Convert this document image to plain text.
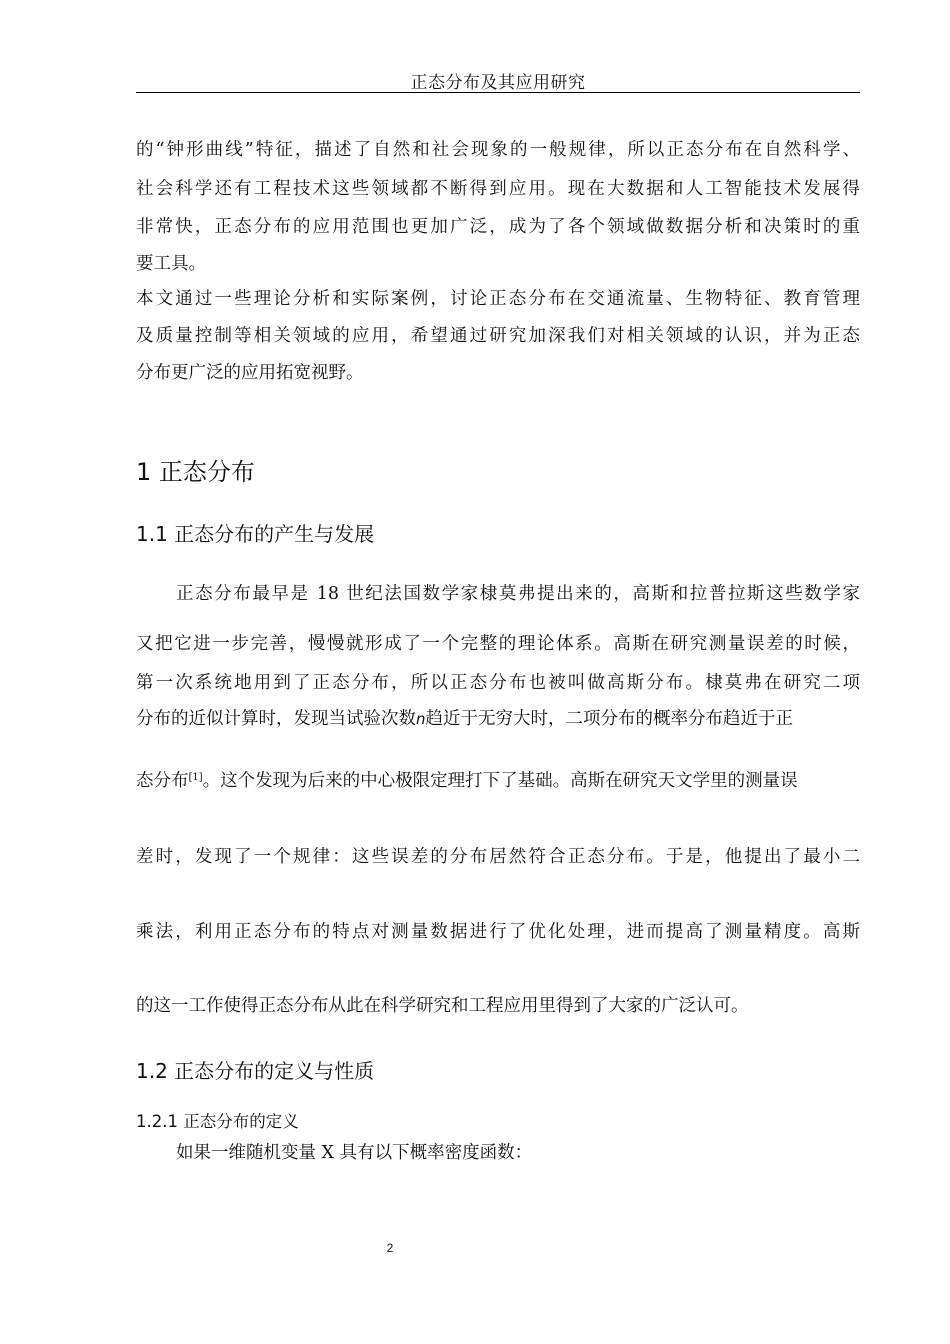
正态分布及其应用研究
的“钟形曲线”特征，描述了自然和社会现象的一般规律，所以正态分布在自然科学、
社会科学还有工程技术这些领域都不断得到应用。现在大数据和人工智能技术发展得
非常快，正态分布的应用范围也更加广泛，成为了各个领域做数据分析和决策时的重
要工具。
本文通过一些理论分析和实际案例，讨论正态分布在交通流量、生物特征、教育管理
及质量控制等相关领域的应用，希望通过研究加深我们对相关领域的认识，并为正态
分布更广泛的应用拓宽视野。
1 正态分布
1.1 正态分布的产生与发展
正态分布最早是 18 世纪法国数学家棣莫弗提出来的，高斯和拉普拉斯这些数学家
又把它进一步完善，慢慢就形成了一个完整的理论体系。高斯在研究测量误差的时候，
第一次系统地用到了正态分布，所以正态分布也被叫做高斯分布。棣莫弗在研究二项
分布的近似计算时，发现当试验次数n趋近于无穷大时，二项分布的概率分布趋近于正
态分布[1]。这个发现为后来的中心极限定理打下了基础。高斯在研究天文学里的测量误
差时，发现了一个规律：这些误差的分布居然符合正态分布。于是，他提出了最小二
乘法，利用正态分布的特点对测量数据进行了优化处理，进而提高了测量精度。高斯
的这一工作使得正态分布从此在科学研究和工程应用里得到了大家的广泛认可。
1.2 正态分布的定义与性质
1.2.1 正态分布的定义
如果一维随机变量 X 具有以下概率密度函数：
2
